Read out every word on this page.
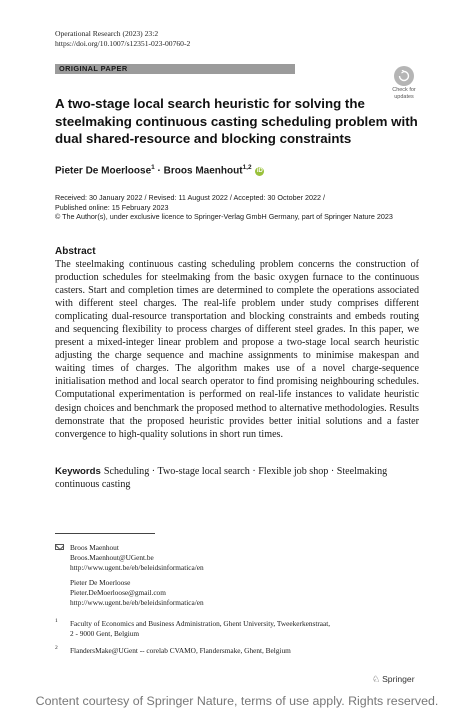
Operational Research (2023) 23:2
https://doi.org/10.1007/s12351-023-00760-2
ORIGINAL PAPER
Check for
updates
A two-stage local search heuristic for solving the steelmaking continuous casting scheduling problem with dual shared-resource and blocking constraints
Pieter De Moerloose$^1$ · Broos Maenhout$^{1,2}$ iD
Received: 30 January 2022 / Revised: 11 August 2022 / Accepted: 30 October 2022 /
Published online: 15 February 2023
© The Author(s), under exclusive licence to Springer-Verlag GmbH Germany, part of Springer Nature 2023
Abstract
The steelmaking continuous casting scheduling problem concerns the construction of production schedules for steelmaking from the basic oxygen furnace to the continuous casters. Start and completion times are determined to complete the operations associated with different steel charges. The real-life problem under study comprises different complicating dual-resource transportation and blocking constraints and embeds routing and sequencing flexibility to process charges of different steel grades. In this paper, we present a mixed-integer linear problem and propose a two-stage local search heuristic adjusting the charge sequence and machine assignments to minimise makespan and waiting times of charges. The algorithm makes use of a novel charge-sequence initialisation method and local search operator to find promising neighbouring schedules. Computational experimentation is performed on real-life instances to validate heuristic design choices and benchmark the proposed method to alternative methodologies. Results demonstrate that the proposed heuristic provides better initial solutions and a faster convergence to high-quality solutions in short run times.
Keywords Scheduling · Two-stage local search · Flexible job shop · Steelmaking continuous casting
Broos Maenhout
Broos.Maenhout@UGent.be
http://www.ugent.be/eb/beleidsinformatica/en
Pieter De Moerloose
Pieter.DeMoerloose@gmail.com
http://www.ugent.be/eb/beleidsinformatica/en
1 Faculty of Economics and Business Administration, Ghent University, Tweekerkenstraat,
2 - 9000 Gent, Belgium
2 FlandersMake@UGent -- corelab CVAMO, Flandersmake, Ghent, Belgium
♘ Springer
Content courtesy of Springer Nature, terms of use apply. Rights reserved.
